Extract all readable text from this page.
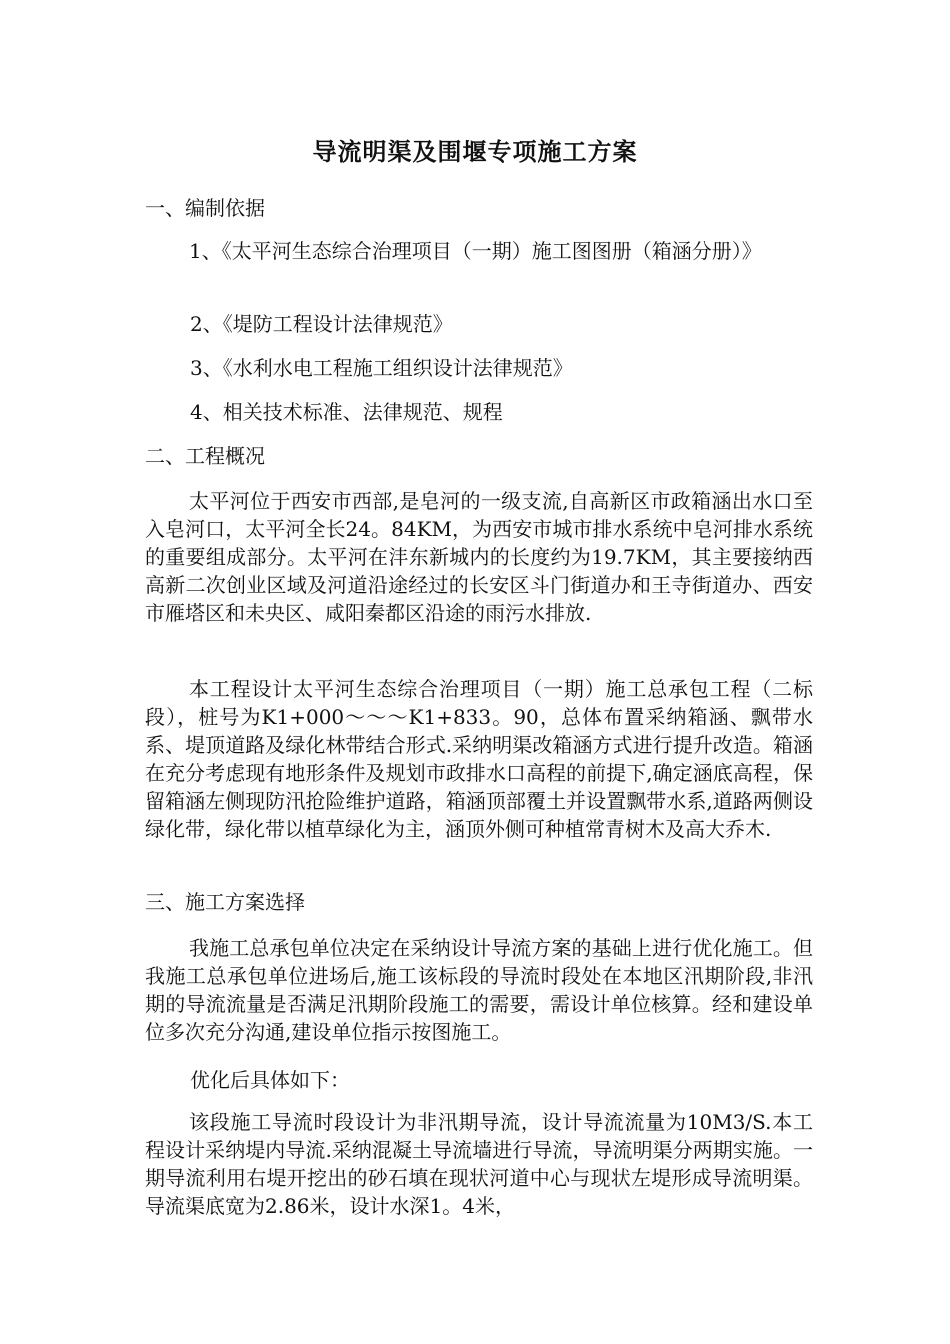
导流明渠及围堰专项施工方案

一、编制依据

1、《太平河生态综合治理项目（一期）施工图图册（箱涵分册）》

2、《堤防工程设计法律规范》

3、《水利水电工程施工组织设计法律规范》

4、相关技术标准、法律规范、规程

二、工程概况

太平河位于西安市西部,是皂河的一级支流,自高新区市政箱涵出水口至入皂河口，太平河全长24。84KM，为西安市城市排水系统中皂河排水系统的重要组成部分。太平河在沣东新城内的长度约为19.7KM，其主要接纳西高新二次创业区域及河道沿途经过的长安区斗门街道办和王寺街道办、西安市雁塔区和未央区、咸阳秦都区沿途的雨污水排放.

本工程设计太平河生态综合治理项目（一期）施工总承包工程（二标段），桩号为K1+000～～～K1+833。90，总体布置采纳箱涵、飘带水系、堤顶道路及绿化林带结合形式.采纳明渠改箱涵方式进行提升改造。箱涵在充分考虑现有地形条件及规划市政排水口高程的前提下,确定涵底高程，保留箱涵左侧现防汛抢险维护道路，箱涵顶部覆土并设置飘带水系,道路两侧设绿化带，绿化带以植草绿化为主，涵顶外侧可种植常青树木及高大乔木.

三、施工方案选择

我施工总承包单位决定在采纳设计导流方案的基础上进行优化施工。但我施工总承包单位进场后,施工该标段的导流时段处在本地区汛期阶段,非汛期的导流流量是否满足汛期阶段施工的需要，需设计单位核算。经和建设单位多次充分沟通,建设单位指示按图施工。

优化后具体如下：

该段施工导流时段设计为非汛期导流，设计导流流量为10M3/S.本工程设计采纳堤内导流.采纳混凝土导流墙进行导流，导流明渠分两期实施。一期导流利用右堤开挖出的砂石填在现状河道中心与现状左堤形成导流明渠。导流渠底宽为2.86米，设计水深1。4米，
